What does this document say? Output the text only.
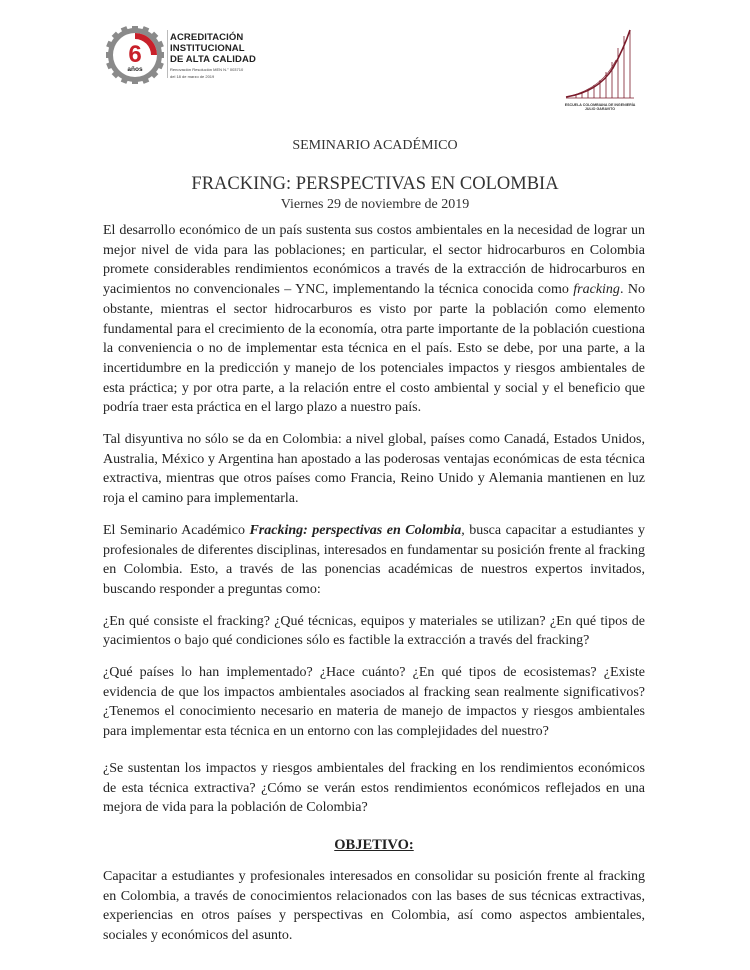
6
años
ACREDITACIÓN
INSTITUCIONAL
DE ALTA CALIDAD
Renovación Resolución MEN N.° 003710
del 18 de marzo de 2019
ESCUELA COLOMBIANA DE INGENIERÍA
JULIO GARAVITO
SEMINARIO ACADÉMICO
FRACKING: PERSPECTIVAS EN COLOMBIA
Viernes 29 de noviembre de 2019

El desarrollo económico de un país sustenta sus costos ambientales en la necesidad de lograr un mejor nivel de vida para las poblaciones; en particular, el sector hidrocarburos en Colombia promete considerables rendimientos económicos a través de la extracción de hidrocarburos en yacimientos no convencionales – YNC, implementando la técnica conocida como fracking. No obstante, mientras el sector hidrocarburos es visto por parte la población como elemento fundamental para el crecimiento de la economía, otra parte importante de la población cuestiona la conveniencia o no de implementar esta técnica en el país. Esto se debe, por una parte, a la incertidumbre en la predicción y manejo de los potenciales impactos y riesgos ambientales de esta práctica; y por otra parte, a la relación entre el costo ambiental y social y el beneficio que podría traer esta práctica en el largo plazo a nuestro país.

Tal disyuntiva no sólo se da en Colombia: a nivel global, países como Canadá, Estados Unidos, Australia, México y Argentina han apostado a las poderosas ventajas económicas de esta técnica extractiva, mientras que otros países como Francia, Reino Unido y Alemania mantienen en luz roja el camino para implementarla.

El Seminario Académico Fracking: perspectivas en Colombia, busca capacitar a estudiantes y profesionales de diferentes disciplinas, interesados en fundamentar su posición frente al fracking en Colombia. Esto, a través de las ponencias académicas de nuestros expertos invitados, buscando responder a preguntas como:

¿En qué consiste el fracking? ¿Qué técnicas, equipos y materiales se utilizan? ¿En qué tipos de yacimientos o bajo qué condiciones sólo es factible la extracción a través del fracking?

¿Qué países lo han implementado? ¿Hace cuánto? ¿En qué tipos de ecosistemas? ¿Existe evidencia de que los impactos ambientales asociados al fracking sean realmente significativos? ¿Tenemos el conocimiento necesario en materia de manejo de impactos y riesgos ambientales para implementar esta técnica en un entorno con las complejidades del nuestro?

¿Se sustentan los impactos y riesgos ambientales del fracking en los rendimientos económicos de esta técnica extractiva? ¿Cómo se verán estos rendimientos económicos reflejados en una mejora de vida para la población de Colombia?

OBJETIVO:

Capacitar a estudiantes y profesionales interesados en consolidar su posición frente al fracking en Colombia, a través de conocimientos relacionados con las bases de sus técnicas extractivas, experiencias en otros países y perspectivas en Colombia, así como aspectos ambientales, sociales y económicos del asunto.
